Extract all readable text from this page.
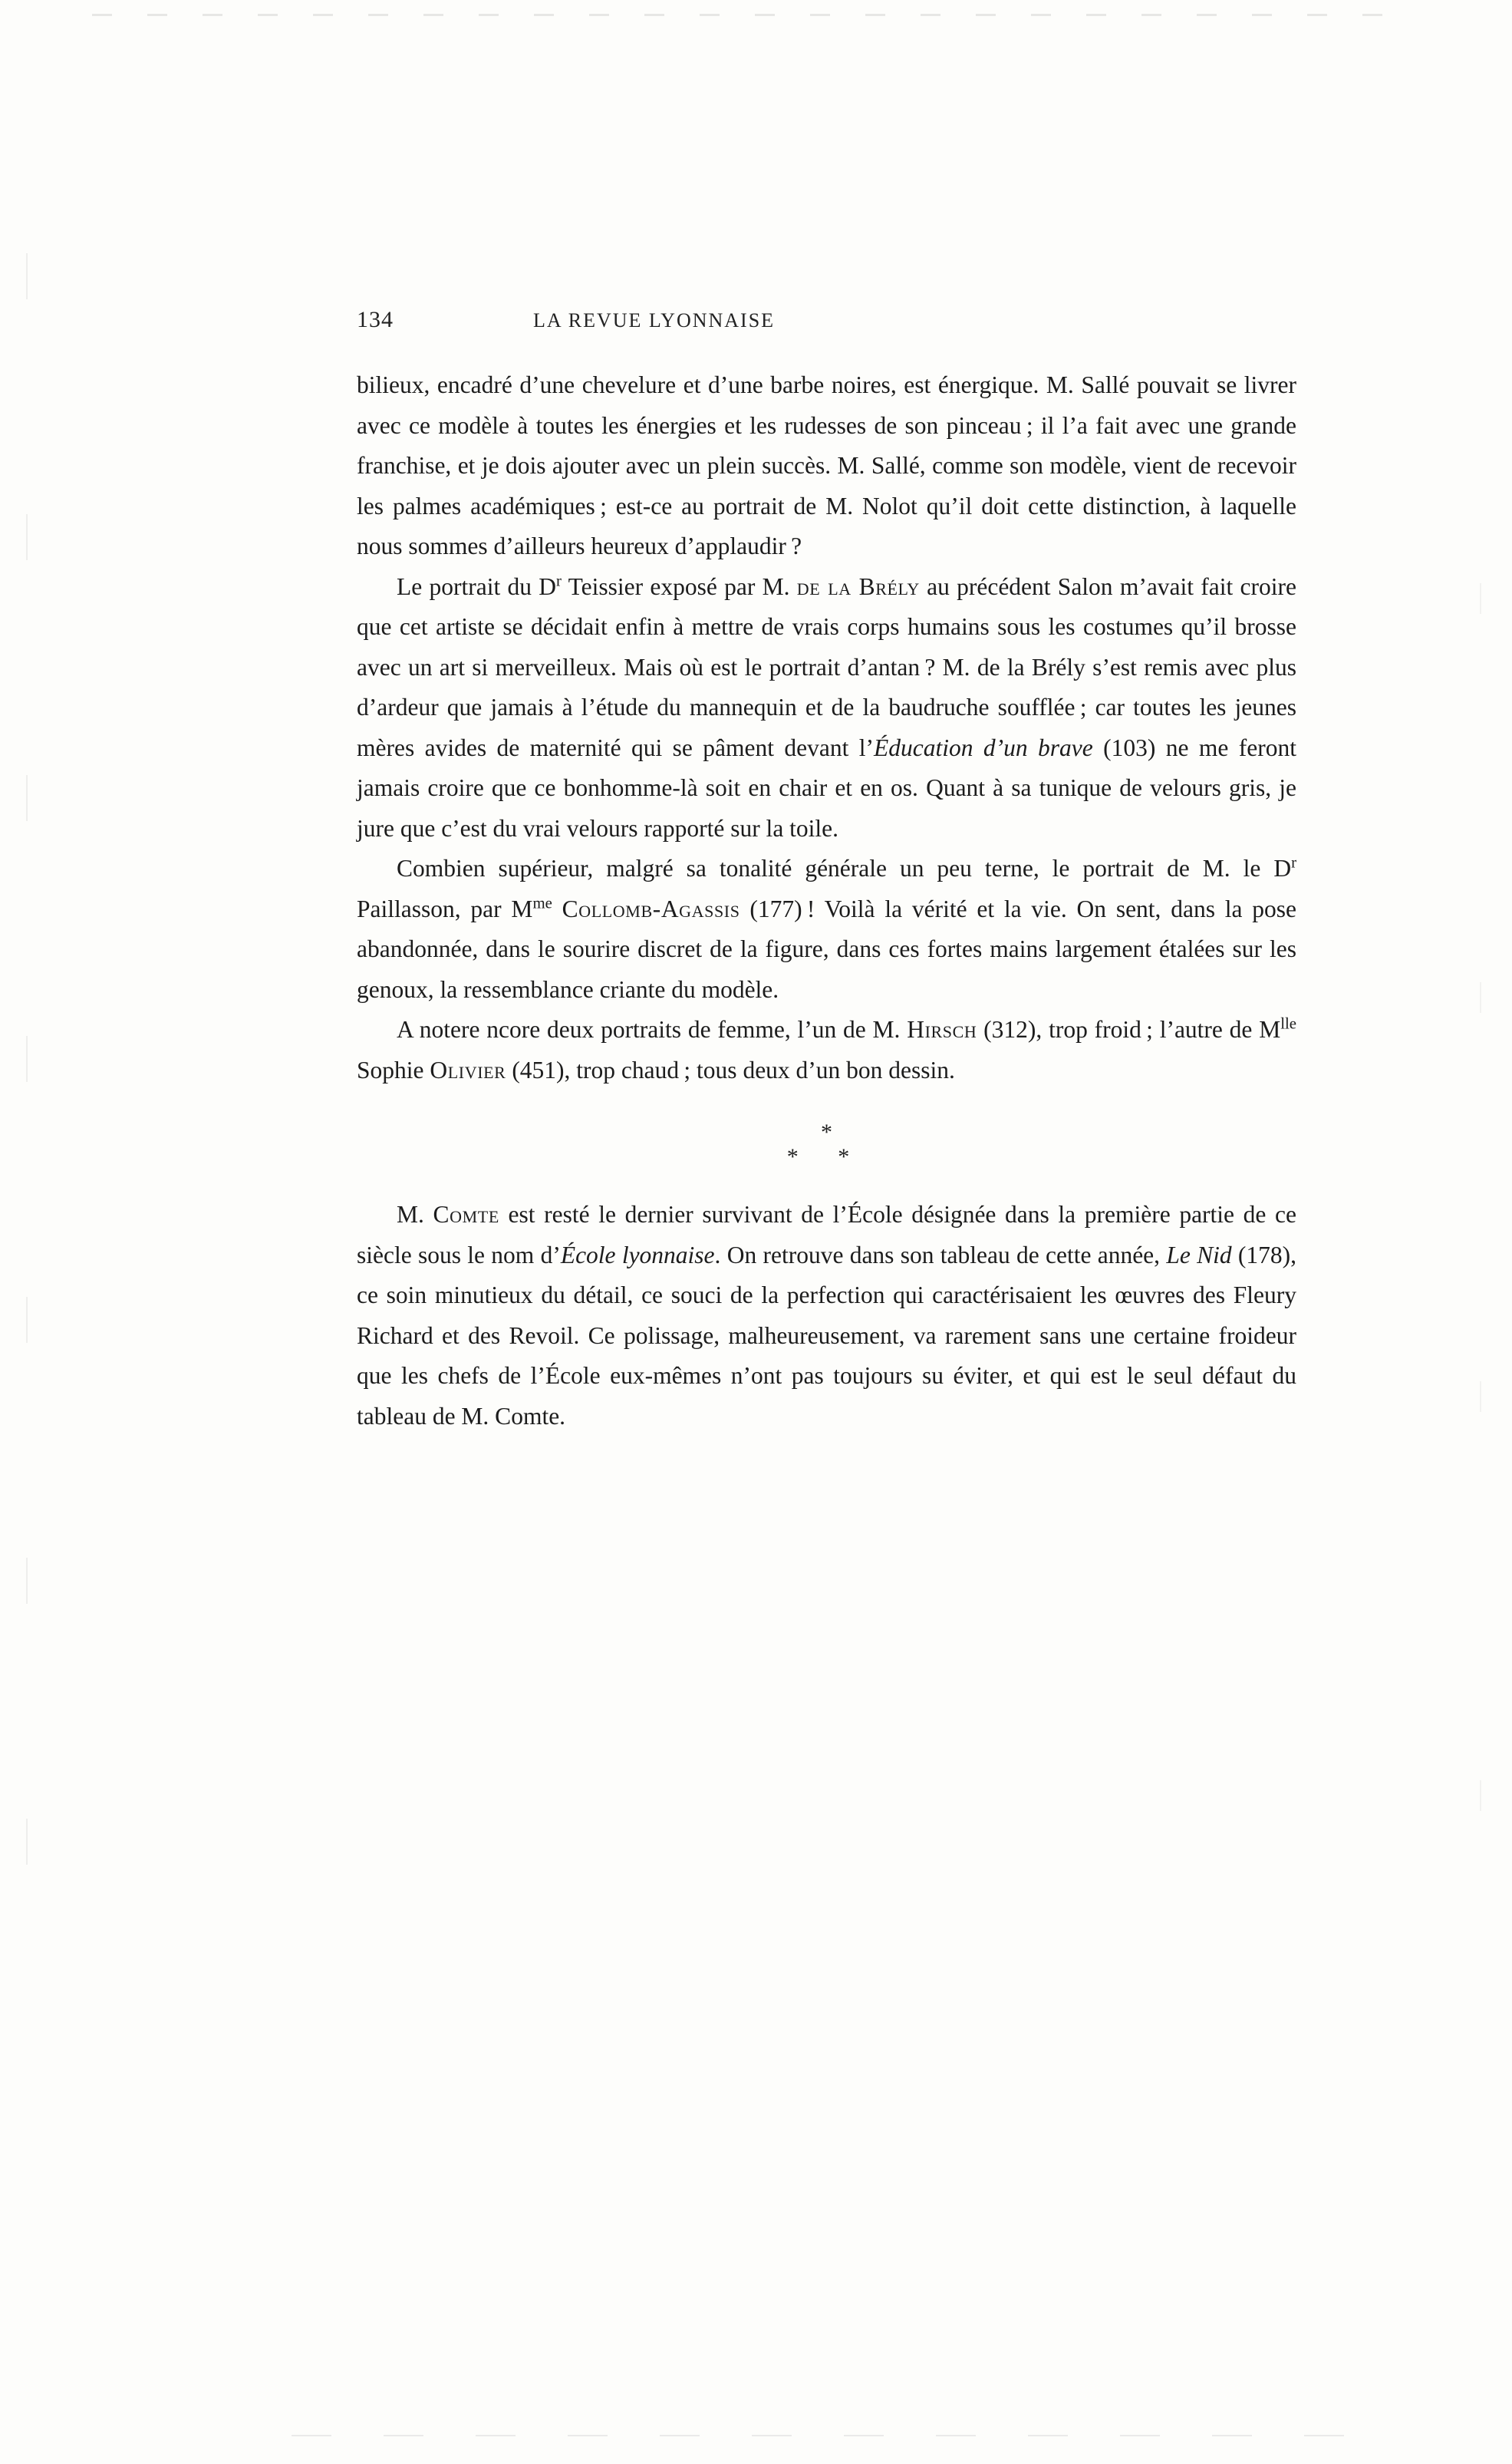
134	LA REVUE LYONNAISE

bilieux, encadré d’une chevelure et d’une barbe noires, est énergique. M. Sallé pouvait se livrer avec ce modèle à toutes les énergies et les rudesses de son pinceau ; il l’a fait avec une grande franchise, et je dois ajouter avec un plein succès. M. Sallé, comme son modèle, vient de recevoir les palmes académiques ; est-ce au portrait de M. Nolot qu’il doit cette distinction, à laquelle nous sommes d’ailleurs heureux d’applaudir ?

Le portrait du $D^r$ Teissier exposé par M. de la Brély au précédent Salon m’avait fait croire que cet artiste se décidait enfin à mettre de vrais corps humains sous les costumes qu’il brosse avec un art si merveilleux. Mais où est le portrait d’antan ? M. de la Brély s’est remis avec plus d’ardeur que jamais à l’étude du mannequin et de la baudruche soufflée ; car toutes les jeunes mères avides de maternité qui se pâment devant l’Éducation d’un brave (103) ne me feront jamais croire que ce bonhomme-là soit en chair et en os. Quant à sa tunique de velours gris, je jure que c’est du vrai velours rapporté sur la toile.

Combien supérieur, malgré sa tonalité générale un peu terne, le portrait de M. le $D^r$ Paillasson, par $M^{me}$ Collomb-Agassis (177) ! Voilà la vérité et la vie. On sent, dans la pose abandonnée, dans le sourire discret de la figure, dans ces fortes mains largement étalées sur les genoux, la ressemblance criante du modèle.

A notere ncore deux portraits de femme, l’un de M. Hirsch (312), trop froid ; l’autre de $M^{lle}$ Sophie Olivier (451), trop chaud ; tous deux d’un bon dessin.

*
* *

M. Comte est resté le dernier survivant de l’École désignée dans la première partie de ce siècle sous le nom d’École lyonnaise. On retrouve dans son tableau de cette année, Le Nid (178), ce soin minutieux du détail, ce souci de la perfection qui caractérisaient les œuvres des Fleury Richard et des Revoil. Ce polissage, malheureusement, va rarement sans une certaine froideur que les chefs de l’École eux-mêmes n’ont pas toujours su éviter, et qui est le seul défaut du tableau de M. Comte.
